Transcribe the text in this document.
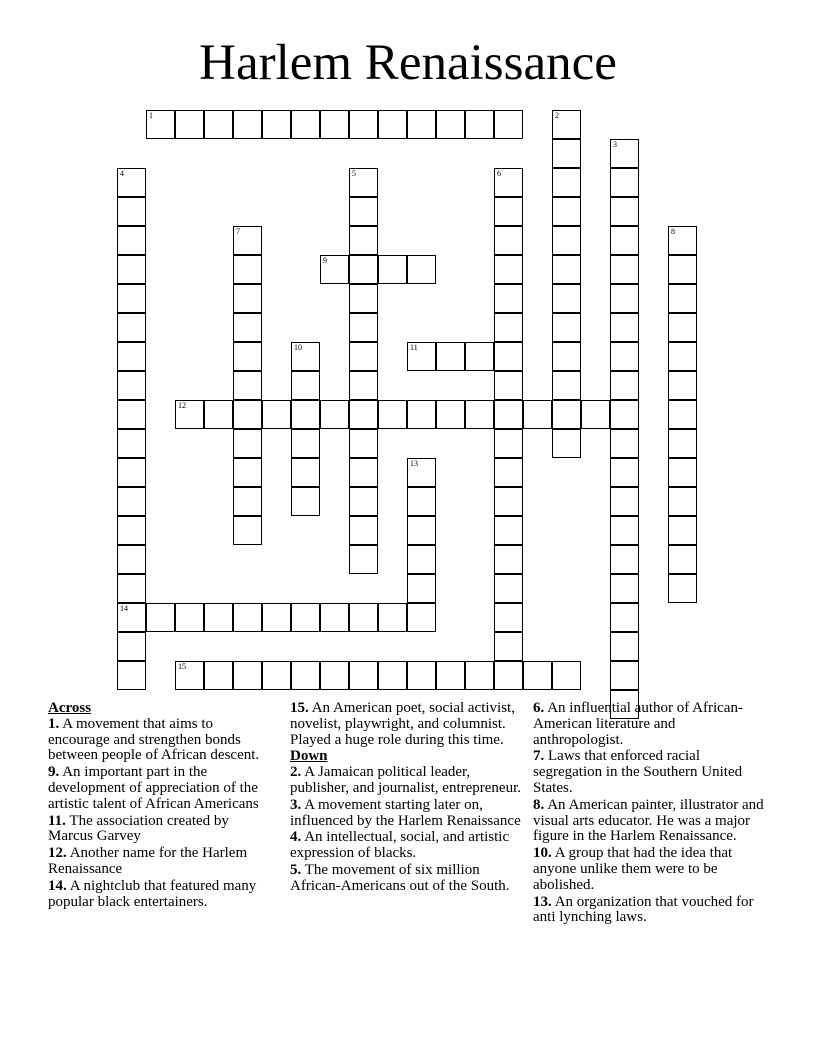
Harlem Renaissance
1	2
3
4
14
5	6
7	8
9
10	11
12
13
15
Across
1. A movement that aims to encourage and strengthen bonds between people of African descent.
9. An important part in the development of appreciation of the artistic talent of African Americans
11. The association created by Marcus Garvey
12. Another name for the Harlem Renaissance
14. A nightclub that featured many popular black entertainers.
15. An American poet, social activist, novelist, playwright, and columnist. Played a huge role during this time.
Down
2. A Jamaican political leader, publisher, and journalist, entrepreneur.
3. A movement starting later on, influenced by the Harlem Renaissance
4. An intellectual, social, and artistic expression of blacks.
5. The movement of six million African-Americans out of the South.
6. An influential author of African-American literature and anthropologist.
7. Laws that enforced racial segregation in the Southern United States.
8. An American painter, illustrator and visual arts educator. He was a major figure in the Harlem Renaissance.
10. A group that had the idea that anyone unlike them were to be abolished.
13. An organization that vouched for anti lynching laws.
